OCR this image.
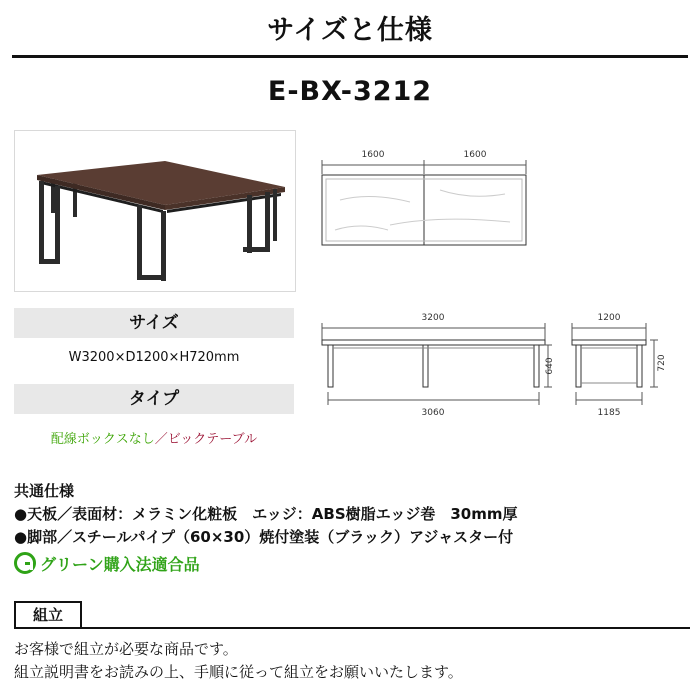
サイズと仕様
E-BX-3212
サイズ
W3200×D1200×H720mm
タイプ
配線ボックスなし／ビックテーブル
1600	1600
3200
640
3060
1200
720
1185
共通仕様
●天板／表面材：メラミン化粧板　エッジ：ABS樹脂エッジ巻　30mm厚
●脚部／スチールパイプ（60×30）焼付塗装（ブラック）アジャスター付
グリーン購入法適合品
組立
お客様で組立が必要な商品です。
組立説明書をお読みの上、手順に従って組立をお願いいたします。
